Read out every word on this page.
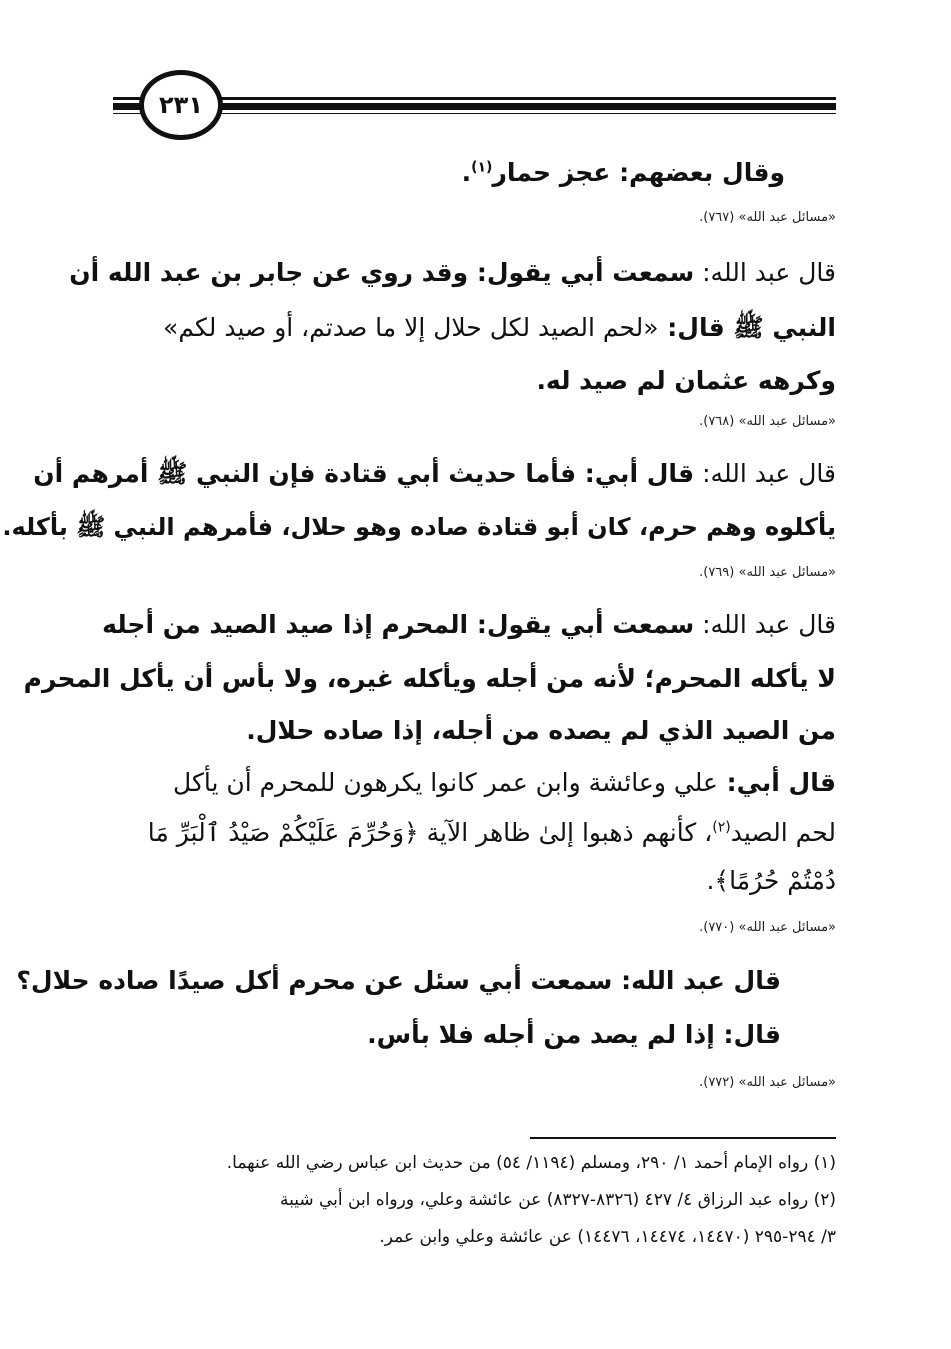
٢٣١
وقال بعضهم: عجز حمار$^{(١)}$.
«مسائل عبد الله» (٧٦٧).
قال عبد الله: سمعت أبي يقول: وقد روي عن جابر بن عبد الله أن
النبي ﷺ قال: «لحم الصيد لكل حلال إلا ما صدتم، أو صيد لكم»
وكرهه عثمان لم صيد له.
«مسائل عبد الله» (٧٦٨).
قال عبد الله: قال أبي: فأما حديث أبي قتادة فإن النبي ﷺ أمرهم أن
يأكلوه وهم حرم، كان أبو قتادة صاده وهو حلال، فأمرهم النبي ﷺ بأكله.
«مسائل عبد الله» (٧٦٩).
قال عبد الله: سمعت أبي يقول: المحرم إذا صيد الصيد من أجله
لا يأكله المحرم؛ لأنه من أجله ويأكله غيره، ولا بأس أن يأكل المحرم
من الصيد الذي لم يصده من أجله، إذا صاده حلال.
قال أبي: علي وعائشة وابن عمر كانوا يكرهون للمحرم أن يأكل
لحم الصيد$^{(٢)}$، كأنهم ذهبوا إلىٰ ظاهر الآية ﴿وَحُرِّمَ عَلَيْكُمْ صَيْدُ ٱلْبَرِّ مَا
دُمْتُمْ حُرُمًا﴾.
«مسائل عبد الله» (٧٧٠).
قال عبد الله: سمعت أبي سئل عن محرم أكل صيدًا صاده حلال؟
قال: إذا لم يصد من أجله فلا بأس.
«مسائل عبد الله» (٧٧٢).
(١) رواه الإمام أحمد ١/ ٢٩٠، ومسلم (١١٩٤/ ٥٤) من حديث ابن عباس رضي الله عنهما.
(٢) رواه عبد الرزاق ٤/ ٤٢٧ (٨٣٢٦-٨٣٢٧) عن عائشة وعلي، ورواه ابن أبي شيبة
٣/ ٢٩٤-٢٩٥ (١٤٤٧٠، ١٤٤٧٤، ١٤٤٧٦) عن عائشة وعلي وابن عمر.
